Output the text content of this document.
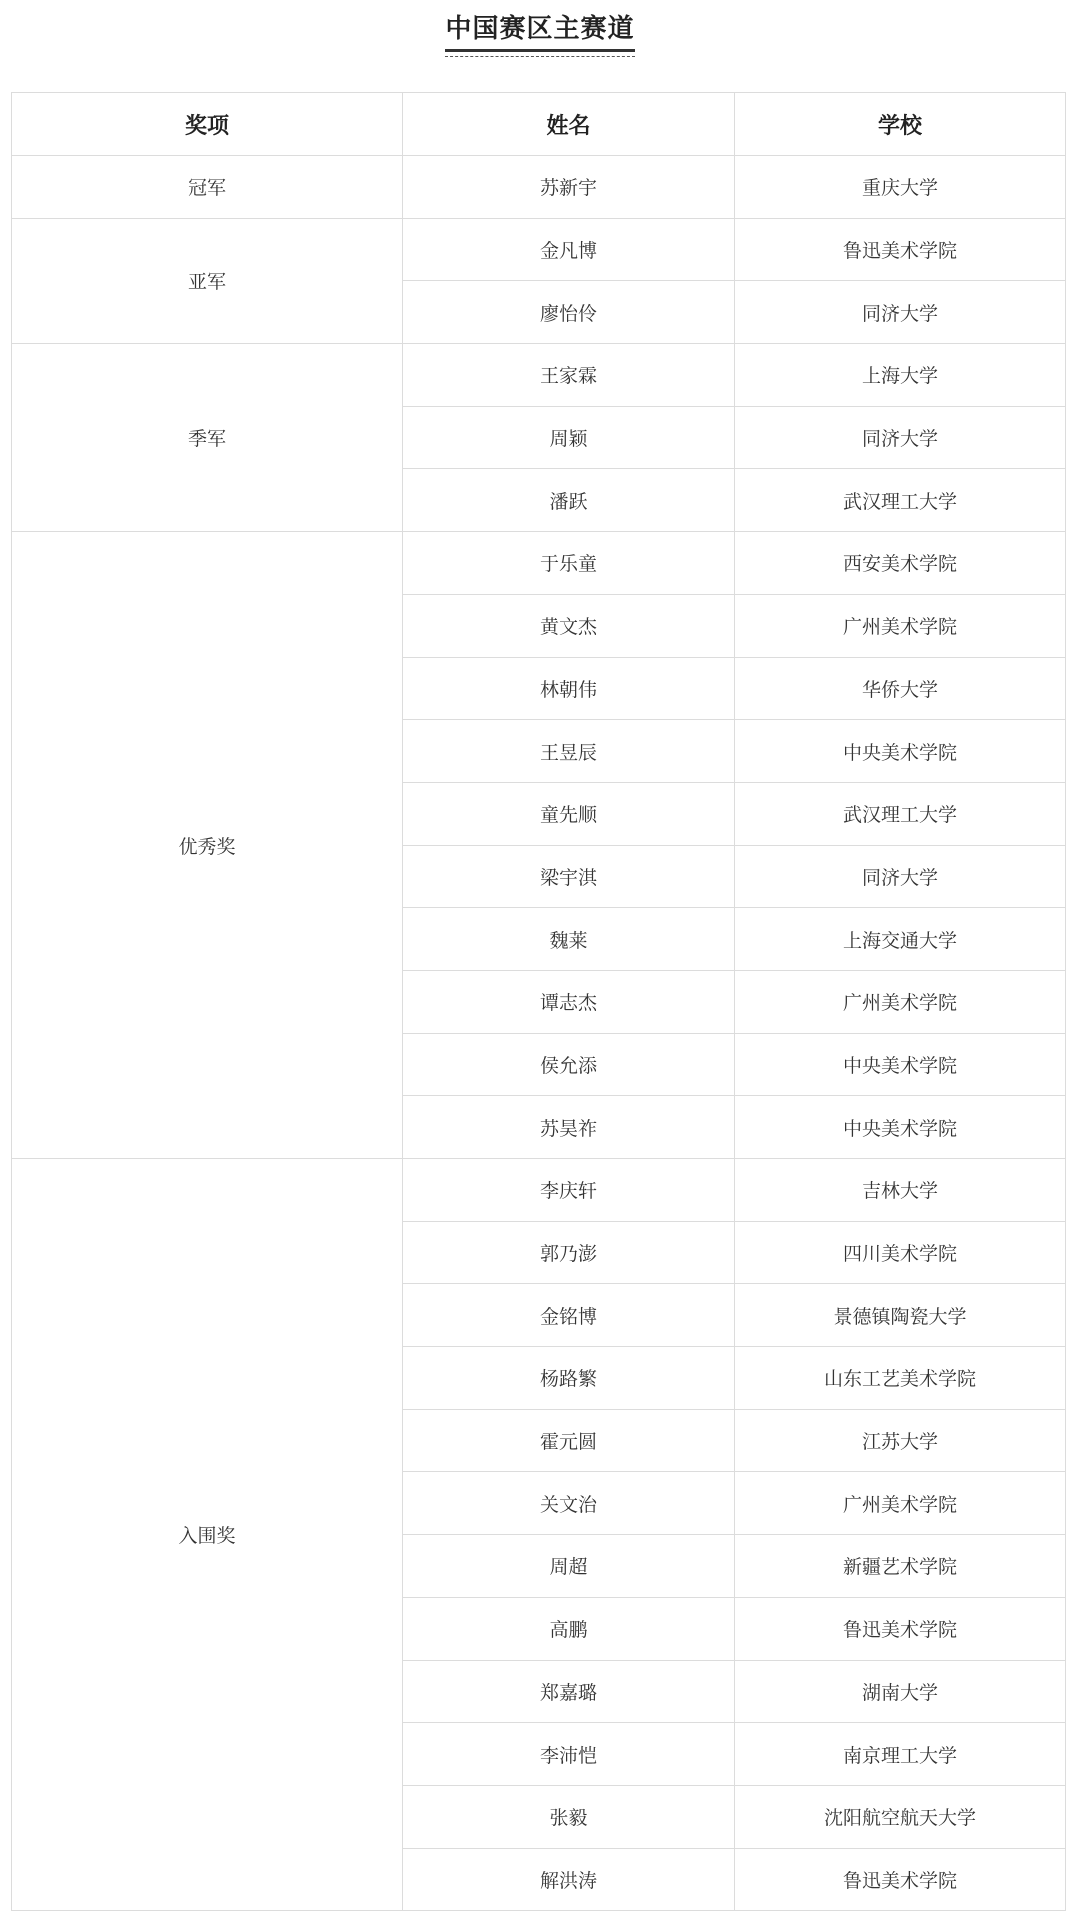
中国赛区主赛道
奖项	姓名	学校
冠军	苏新宇	重庆大学
亚军	金凡博	鲁迅美术学院
	廖怡伶	同济大学
季军	王家霖	上海大学
	周颖	同济大学
	潘跃	武汉理工大学
优秀奖	于乐童	西安美术学院
	黄文杰	广州美术学院
	林朝伟	华侨大学
	王昱辰	中央美术学院
	童先顺	武汉理工大学
	梁宇淇	同济大学
	魏莱	上海交通大学
	谭志杰	广州美术学院
	侯允添	中央美术学院
	苏昊祚	中央美术学院
入围奖	李庆轩	吉林大学
	郭乃澎	四川美术学院
	金铭博	景德镇陶瓷大学
	杨路繁	山东工艺美术学院
	霍元圆	江苏大学
	关文治	广州美术学院
	周超	新疆艺术学院
	高鹏	鲁迅美术学院
	郑嘉璐	湖南大学
	李沛恺	南京理工大学
	张毅	沈阳航空航天大学
	解洪涛	鲁迅美术学院
